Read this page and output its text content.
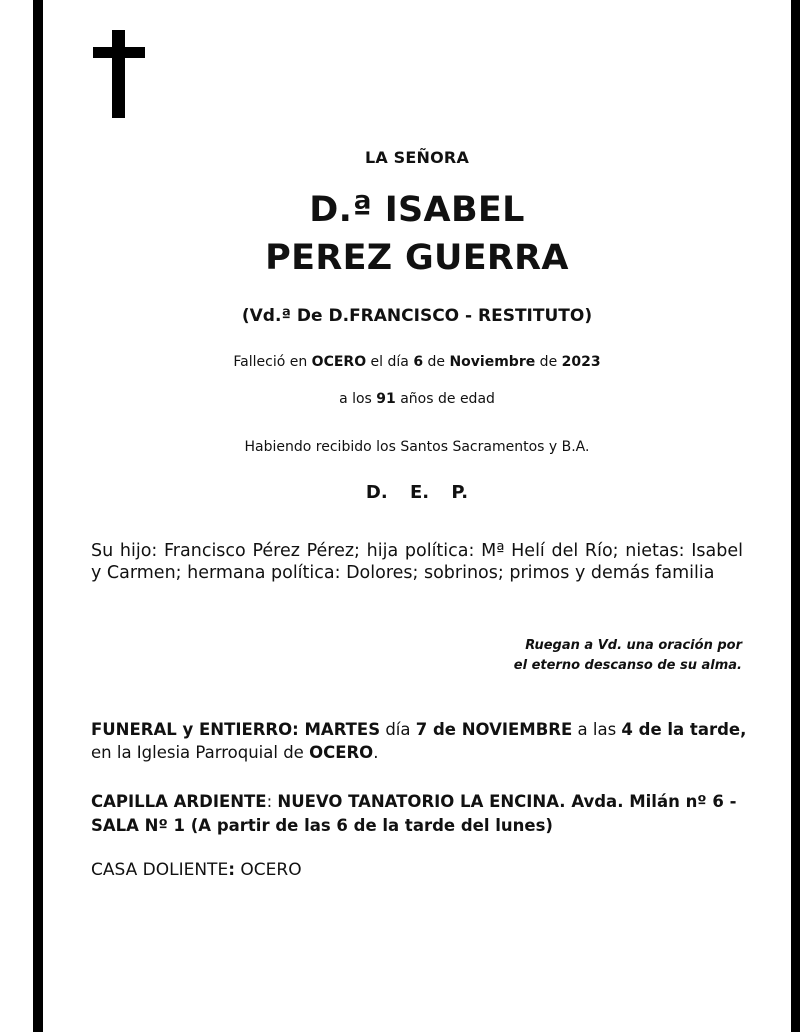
LA SEÑORA
D.ª ISABEL
PEREZ GUERRA
(Vd.ª De D.FRANCISCO - RESTITUTO)
Falleció en OCERO el día 6 de Noviembre de 2023
a los 91 años de edad
Habiendo recibido los Santos Sacramentos y B.A.
D. E. P.
Su hijo: Francisco Pérez Pérez; hija política: Mª Helí del Río; nietas: Isabel y Carmen; hermana política: Dolores; sobrinos; primos y demás familia
Ruegan a Vd. una oración por
el eterno descanso de su alma.
FUNERAL y ENTIERRO: MARTES día 7 de NOVIEMBRE a las 4 de la tarde,
en la Iglesia Parroquial de OCERO.
CAPILLA ARDIENTE: NUEVO TANATORIO LA ENCINA. Avda. Milán nº 6 -
SALA Nº 1 (A partir de las 6 de la tarde del lunes)
CASA DOLIENTE: OCERO
